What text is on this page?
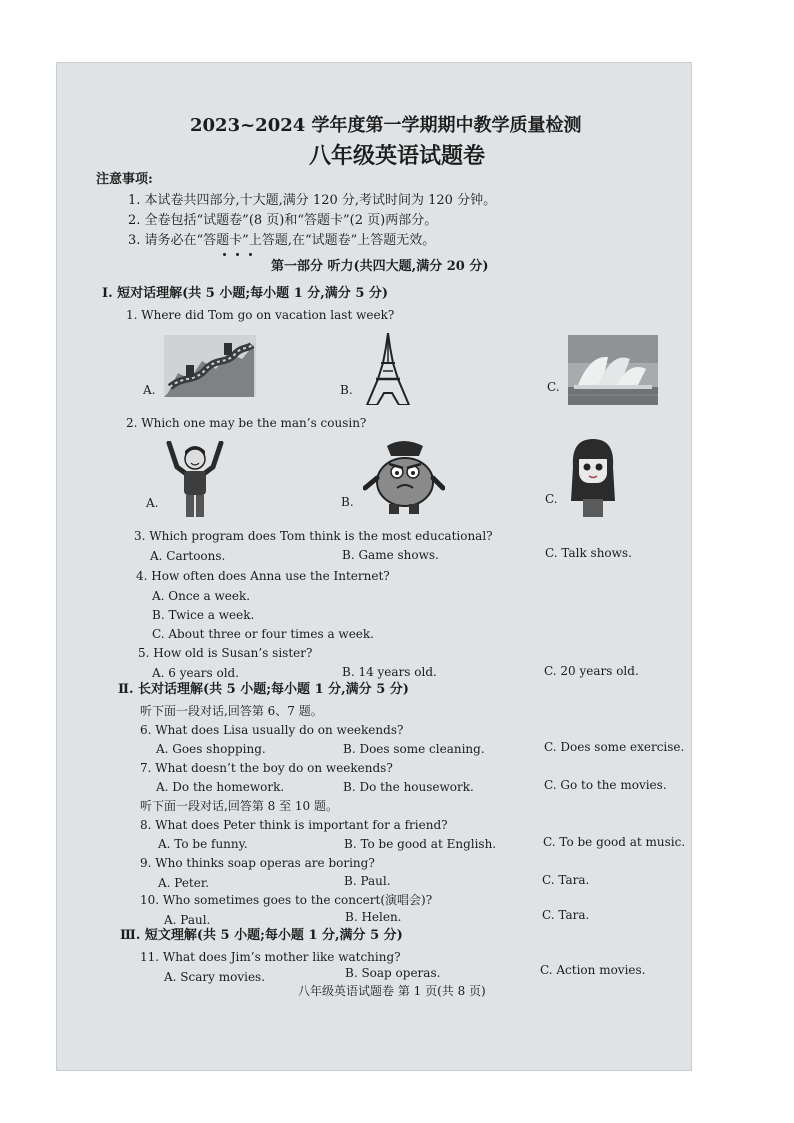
2023~2024 学年度第一学期期中教学质量检测
八年级英语试题卷
注意事项:
1. 本试卷共四部分,十大题,满分 120 分,考试时间为 120 分钟。
2. 全卷包括“试题卷”(8 页)和“答题卡”(2 页)两部分。
3. 请务必在“答题卡”上答题,在“试题卷”上答题无效。
第一部分 听力(共四大题,满分 20 分)
Ⅰ. 短对话理解(共 5 小题;每小题 1 分,满分 5 分)
1. Where did Tom go on vacation last week?
A.	B.	C.
2. Which one may be the man’s cousin?
A.	B.	C.
3. Which program does Tom think is the most educational?
A. Cartoons.	B. Game shows.	C. Talk shows.
4. How often does Anna use the Internet?
A. Once a week.
B. Twice a week.
C. About three or four times a week.
5. How old is Susan’s sister?
A. 6 years old.	B. 14 years old.	C. 20 years old.
Ⅱ. 长对话理解(共 5 小题;每小题 1 分,满分 5 分)
听下面一段对话,回答第 6、7 题。
6. What does Lisa usually do on weekends?
A. Goes shopping.	B. Does some cleaning.	C. Does some exercise.
7. What doesn’t the boy do on weekends?
A. Do the homework.	B. Do the housework.	C. Go to the movies.
听下面一段对话,回答第 8 至 10 题。
8. What does Peter think is important for a friend?
A. To be funny.	B. To be good at English.	C. To be good at music.
9. Who thinks soap operas are boring?
A. Peter.	B. Paul.	C. Tara.
10. Who sometimes goes to the concert(演唱会)?
A. Paul.	B. Helen.	C. Tara.
Ⅲ. 短文理解(共 5 小题;每小题 1 分,满分 5 分)
11. What does Jim’s mother like watching?
A. Scary movies.	B. Soap operas.	C. Action movies.
八年级英语试题卷 第 1 页(共 8 页)
